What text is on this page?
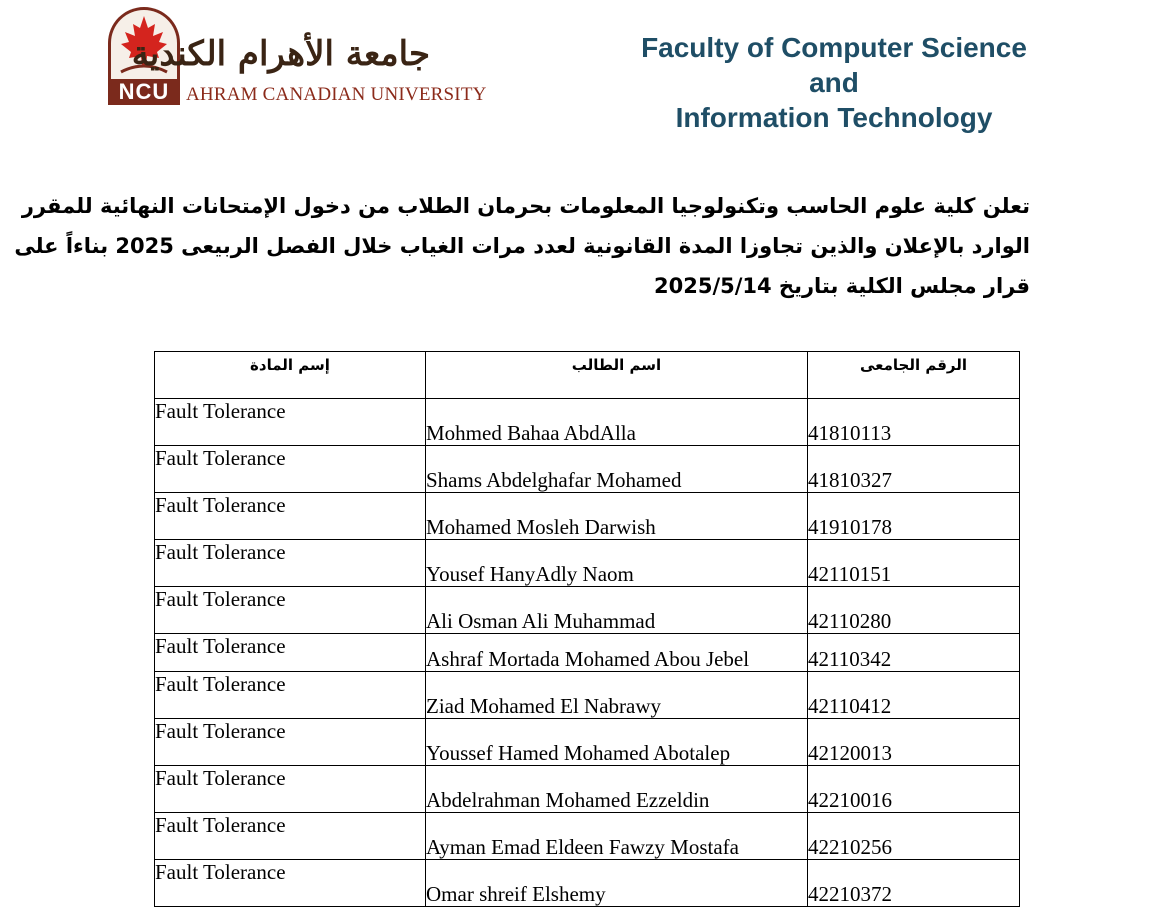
NCU
جامعة الأهرام الكندية
AHRAM CANADIAN UNIVERSITY
Faculty of Computer Science
and
Information Technology
تعلن كلية علوم الحاسب وتكنولوجيا المعلومات بحرمان الطلاب من دخول الإمتحانات النهائية للمقرر
الوارد بالإعلان والذين تجاوزا المدة القانونية لعدد مرات الغياب خلال الفصل الربيعى 2025 بناءاً على
قرار مجلس الكلية بتاريخ 2025/5/14
إسم المادة	اسم الطالب	الرقم الجامعى
Fault Tolerance	Mohmed Bahaa AbdAlla	41810113
Fault Tolerance	Shams Abdelghafar Mohamed	41810327
Fault Tolerance	Mohamed Mosleh Darwish	41910178
Fault Tolerance	Yousef HanyAdly Naom	42110151
Fault Tolerance	Ali Osman Ali Muhammad	42110280
Fault Tolerance	Ashraf Mortada Mohamed Abou Jebel	42110342
Fault Tolerance	Ziad Mohamed El Nabrawy	42110412
Fault Tolerance	Youssef Hamed Mohamed Abotalep	42120013
Fault Tolerance	Abdelrahman Mohamed Ezzeldin	42210016
Fault Tolerance	Ayman Emad Eldeen Fawzy Mostafa	42210256
Fault Tolerance	Omar shreif Elshemy	42210372
